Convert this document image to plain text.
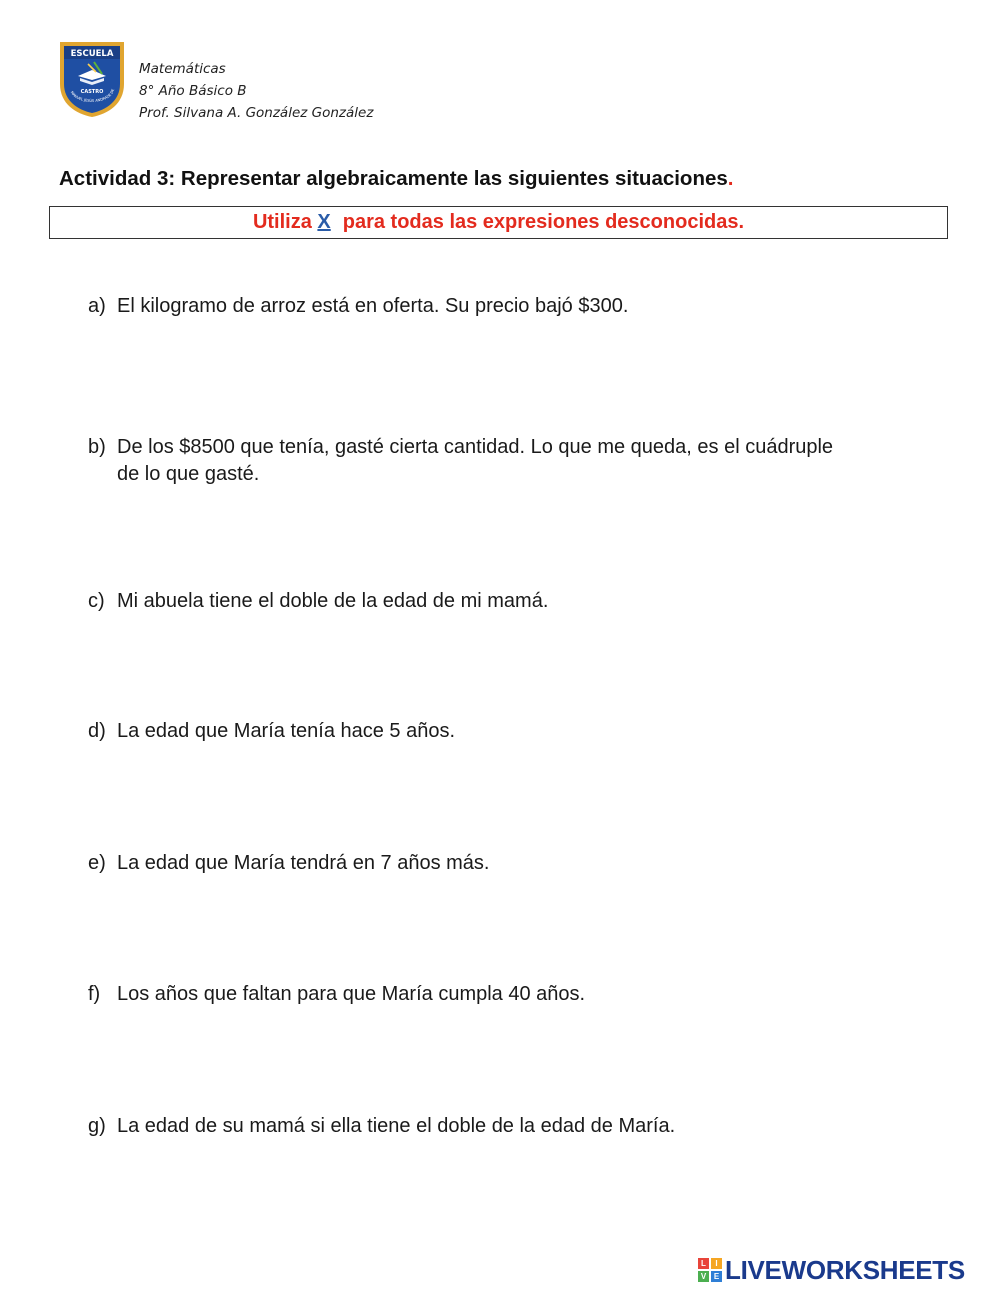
ESCUELA
CASTRO
MANUEL JESÚS ANDRADE DE
Matemáticas
8° Año Básico B
Prof. Silvana A. González González
Actividad 3: Representar algebraicamente las siguientes situaciones.
Utiliza X para todas las expresiones desconocidas.
a) El kilogramo de arroz está en oferta. Su precio bajó $300.
b) De los $8500 que tenía, gasté cierta cantidad. Lo que me queda, es el cuádruple de lo que gasté.
c) Mi abuela tiene el doble de la edad de mi mamá.
d) La edad que María tenía hace 5 años.
e) La edad que María tendrá en 7 años más.
f) Los años que faltan para que María cumpla 40 años.
g) La edad de su mamá si ella tiene el doble de la edad de María.
L	I
V E LIVEWORKSHEETS
